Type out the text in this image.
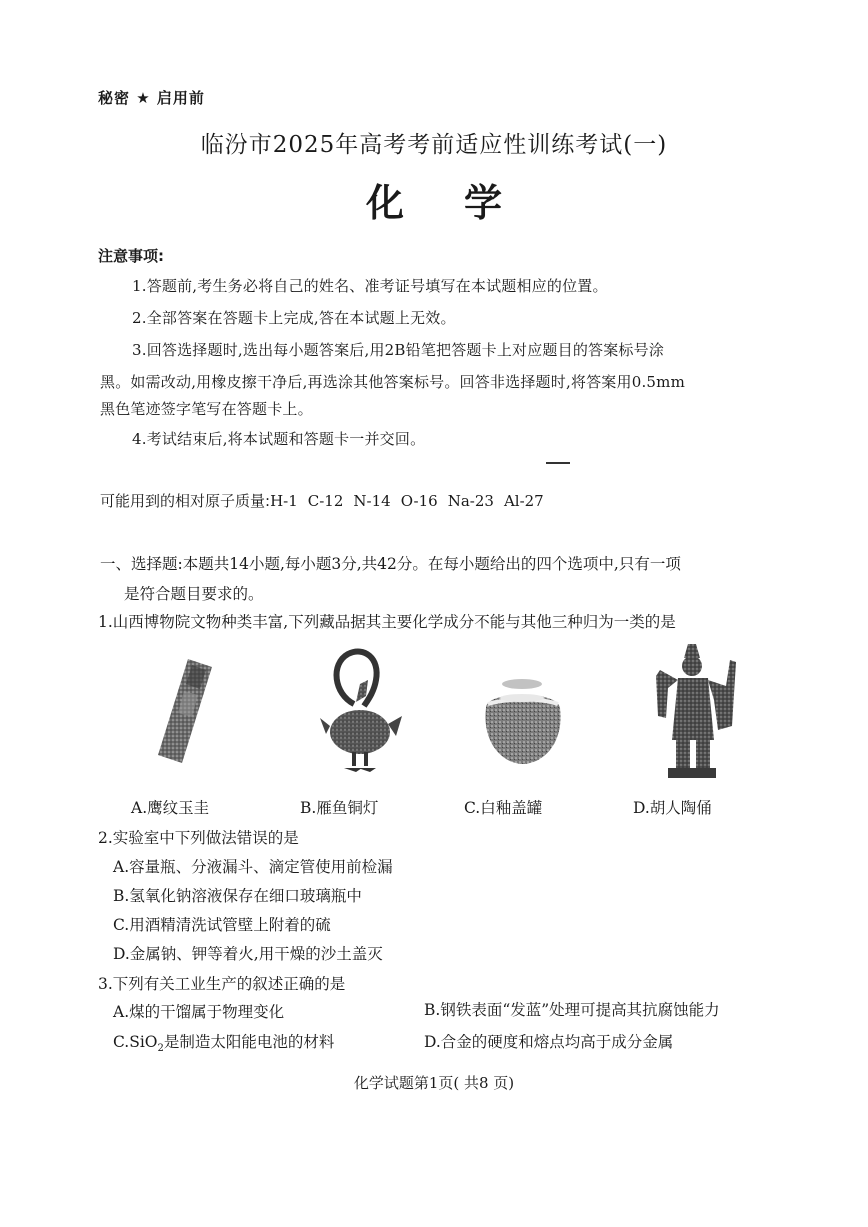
秘密 ★ 启用前
临汾市2025年高考考前适应性训练考试(一)
化学
注意事项:
1.答题前,考生务必将自己的姓名、准考证号填写在本试题相应的位置。
2.全部答案在答题卡上完成,答在本试题上无效。
3.回答选择题时,选出每小题答案后,用2B铅笔把答题卡上对应题目的答案标号涂
黑。如需改动,用橡皮擦干净后,再选涂其他答案标号。回答非选择题时,将答案用0.5mm
黑色笔迹签字笔写在答题卡上。
4.考试结束后,将本试题和答题卡一并交回。
可能用到的相对原子质量:H-1 C-12 N-14 O-16 Na-23 Al-27
一、选择题:本题共14小题,每小题3分,共42分。在每小题给出的四个选项中,只有一项
是符合题目要求的。
1.山西博物院文物种类丰富,下列藏品据其主要化学成分不能与其他三种归为一类的是
A.鹰纹玉圭	B.雁鱼铜灯	C.白釉盖罐	D.胡人陶俑
2.实验室中下列做法错误的是
A.容量瓶、分液漏斗、滴定管使用前检漏
B.氢氧化钠溶液保存在细口玻璃瓶中
C.用酒精清洗试管壁上附着的硫
D.金属钠、钾等着火,用干燥的沙土盖灭
3.下列有关工业生产的叙述正确的是
A.煤的干馏属于物理变化	B.钢铁表面“发蓝”处理可提高其抗腐蚀能力
C.SiO$_2$是制造太阳能电池的材料	D.合金的硬度和熔点均高于成分金属
化学试题第1页( 共8 页)
